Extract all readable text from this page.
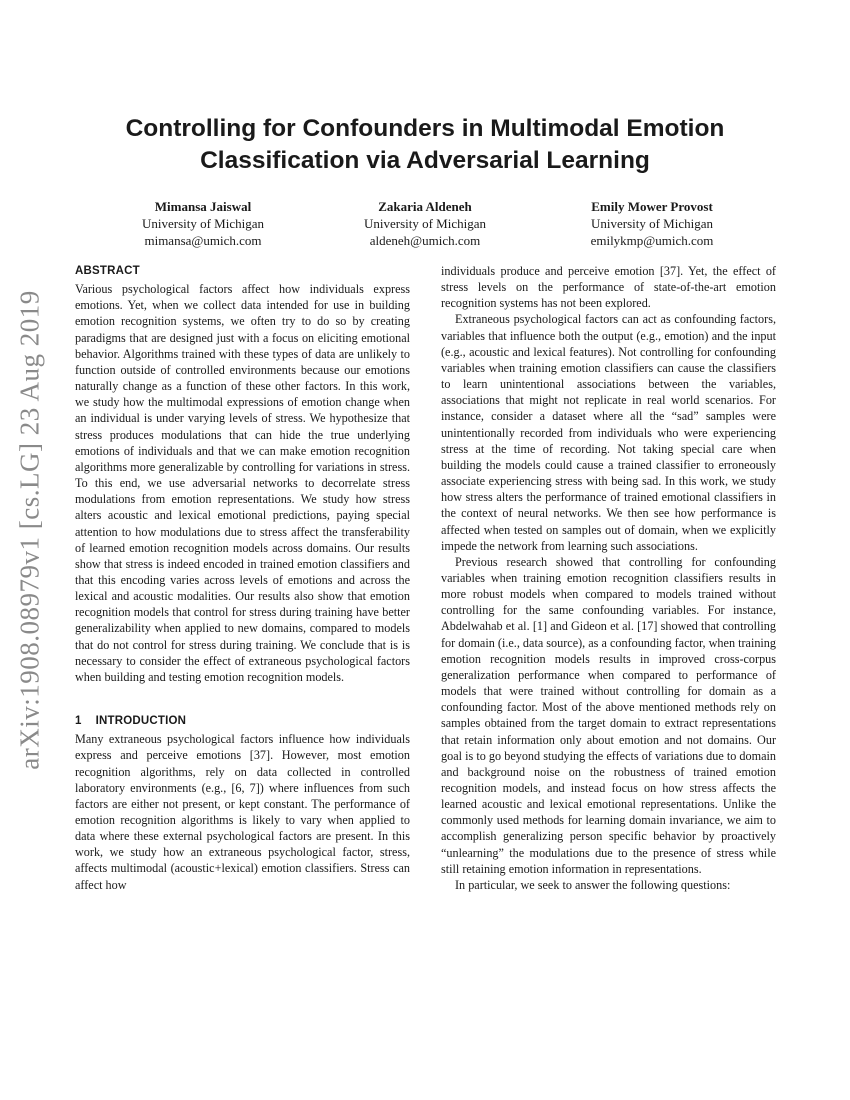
Controlling for Confounders in Multimodal Emotion
Classification via Adversarial Learning
Mimansa Jaiswal
University of Michigan
mimansa@umich.com
Zakaria Aldeneh
University of Michigan
aldeneh@umich.com
Emily Mower Provost
University of Michigan
emilykmp@umich.com
arXiv:1908.08979v1 [cs.LG] 23 Aug 2019
ABSTRACT

Various psychological factors affect how individuals express emotions. Yet, when we collect data intended for use in building emotion recognition systems, we often try to do so by creating paradigms that are designed just with a focus on eliciting emotional behavior. Algorithms trained with these types of data are unlikely to function outside of controlled environments because our emotions naturally change as a function of these other factors. In this work, we study how the multimodal expressions of emotion change when an individual is under varying levels of stress. We hypothesize that stress produces modulations that can hide the true underlying emotions of individuals and that we can make emotion recognition algorithms more generalizable by controlling for variations in stress. To this end, we use adversarial networks to decorrelate stress modulations from emotion representations. We study how stress alters acoustic and lexical emotional predictions, paying special attention to how modulations due to stress affect the transferability of learned emotion recognition models across domains. Our results show that stress is indeed encoded in trained emotion classifiers and that this encoding varies across levels of emotions and across the lexical and acoustic modalities. Our results also show that emotion recognition models that control for stress during training have better generalizability when applied to new domains, compared to models that do not control for stress during training. We conclude that is is necessary to consider the effect of extraneous psychological factors when building and testing emotion recognition models.

1 INTRODUCTION

Many extraneous psychological factors influence how individuals express and perceive emotions [37]. However, most emotion recognition algorithms, rely on data collected in controlled laboratory environments (e.g., [6, 7]) where influences from such factors are either not present, or kept constant. The performance of emotion recognition algorithms is likely to vary when applied to data where these external psychological factors are present. In this work, we study how an extraneous psychological factor, stress, affects multimodal (acoustic+lexical) emotion classifiers. Stress can affect how

individuals produce and perceive emotion [37]. Yet, the effect of stress levels on the performance of state-of-the-art emotion recognition systems has not been explored.

Extraneous psychological factors can act as confounding factors, variables that influence both the output (e.g., emotion) and the input (e.g., acoustic and lexical features). Not controlling for confounding variables when training emotion classifiers can cause the classifiers to learn unintentional associations between the variables, associations that might not replicate in real world scenarios. For instance, consider a dataset where all the “sad” samples were unintentionally recorded from individuals who were experiencing stress at the time of recording. Not taking special care when building the models could cause a trained classifier to erroneously associate experiencing stress with being sad. In this work, we study how stress alters the performance of trained emotional classifiers in the context of neural networks. We then see how performance is affected when tested on samples out of domain, when we explicitly impede the network from learning such associations.

Previous research showed that controlling for confounding variables when training emotion recognition classifiers results in more robust models when compared to models trained without controlling for the same confounding variables. For instance, Abdelwahab et al. [1] and Gideon et al. [17] showed that controlling for domain (i.e., data source), as a confounding factor, when training emotion recognition models results in improved cross-corpus generalization performance when compared to performance of models that were trained without controlling for domain as a confounding factor. Most of the above mentioned methods rely on samples obtained from the target domain to extract representations that retain information only about emotion and not domains. Our goal is to go beyond studying the effects of variations due to domain and background noise on the robustness of trained emotion recognition models, and instead focus on how stress affects the learned acoustic and lexical emotional representations. Unlike the commonly used methods for learning domain invariance, we aim to accomplish generalizing person specific behavior by proactively “unlearning” the modulations due to the presence of stress while still retaining emotion information in representations.

In particular, we seek to answer the following questions:
